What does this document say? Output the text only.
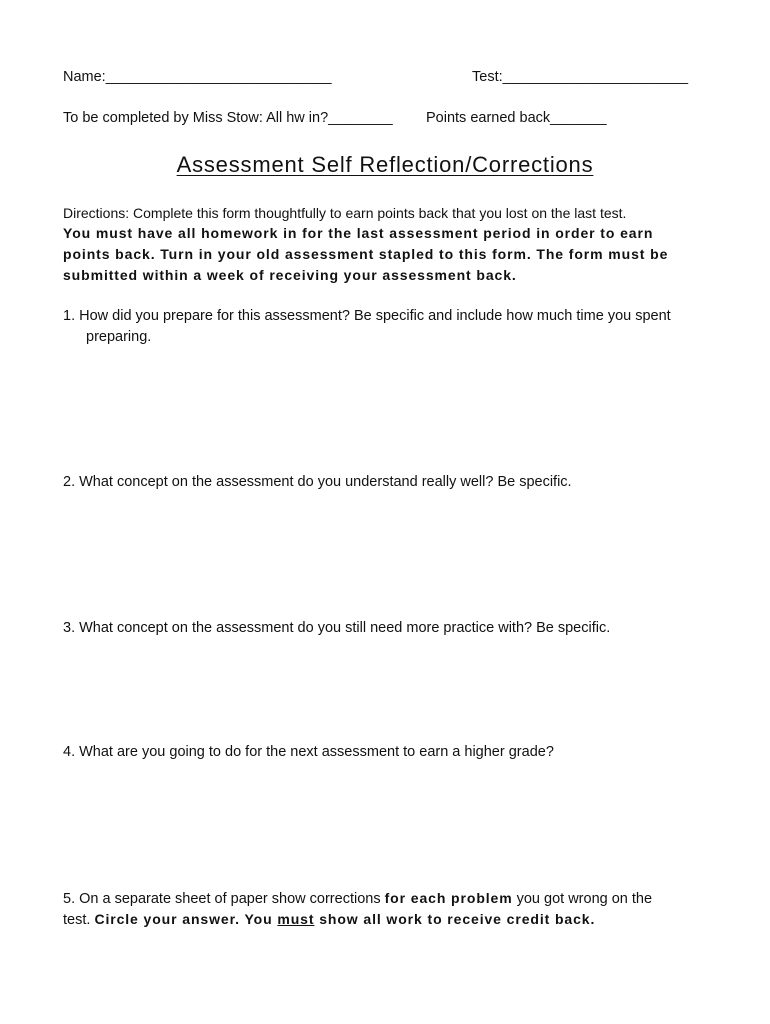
Name:____________________________	Test:_______________________
To be completed by Miss Stow: All hw in?________ Points earned back_______
Assessment Self Reflection/Corrections
Directions: Complete this form thoughtfully to earn points back that you lost on the last test.
You must have all homework in for the last assessment period in order to earn
points back. Turn in your old assessment stapled to this form. The form must be
submitted within a week of receiving your assessment back.
1. How did you prepare for this assessment? Be specific and include how much time you spent
preparing.
2. What concept on the assessment do you understand really well? Be specific.
3. What concept on the assessment do you still need more practice with? Be specific.
4. What are you going to do for the next assessment to earn a higher grade?
5. On a separate sheet of paper show corrections for each problem you got wrong on the
test. Circle your answer. You must show all work to receive credit back.
